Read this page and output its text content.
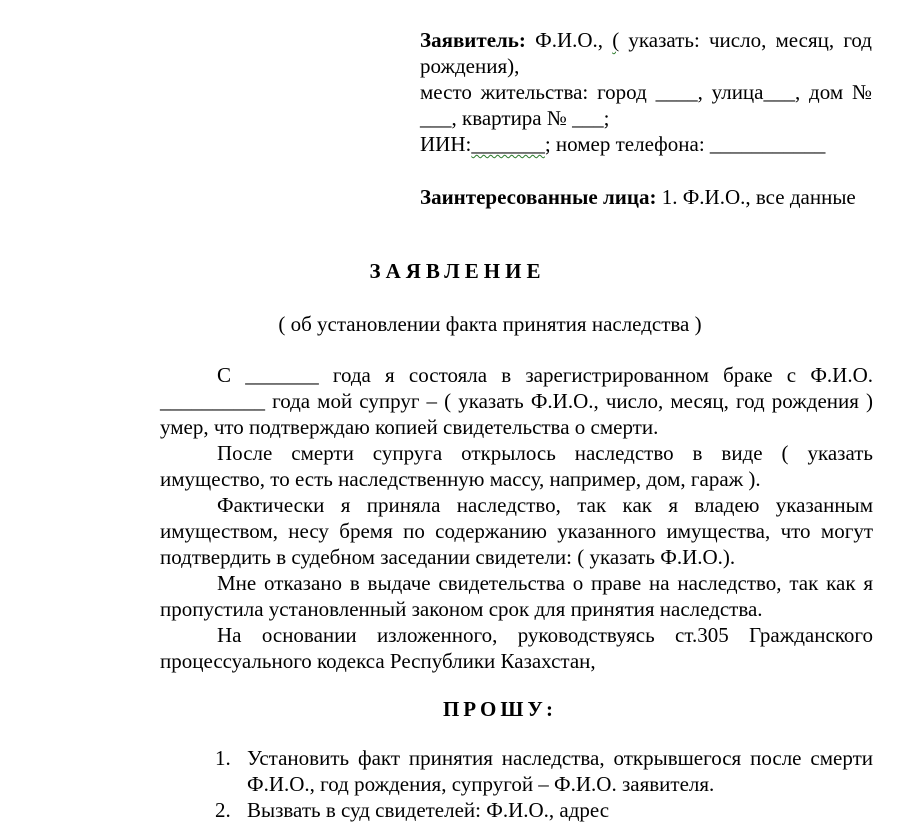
Заявитель: Ф.И.О., ( указать: число, месяц, год рождения),

место жительства: город ____, улица___, дом № ___, квартира № ___;

ИИН:_______; номер телефона: ___________

Заинтересованные лица: 1. Ф.И.О., все данные

ЗАЯВЛЕНИЕ
( об установлении факта принятия наследства )

С _______ года я состояла в зарегистрированном браке с Ф.И.О. __________ года мой супруг – ( указать Ф.И.О., число, месяц, год рождения ) умер, что подтверждаю копией свидетельства о смерти.

После смерти супруга открылось наследство в виде ( указать имущество, то есть наследственную массу, например, дом, гараж ).

Фактически я приняла наследство, так как я владею указанным имуществом, несу бремя по содержанию указанного имущества, что могут подтвердить в судебном заседании свидетели: ( указать Ф.И.О.).

Мне отказано в выдаче свидетельства о праве на наследство, так как я пропустила установленный законом срок для принятия наследства.

На основании изложенного, руководствуясь ст.305 Гражданского процессуального кодекса Республики Казахстан,

ПРОШУ:
1. Установить факт принятия наследства, открывшегося после смерти Ф.И.О., год рождения, супругой – Ф.И.О. заявителя.
2. Вызвать в суд свидетелей: Ф.И.О., адрес
